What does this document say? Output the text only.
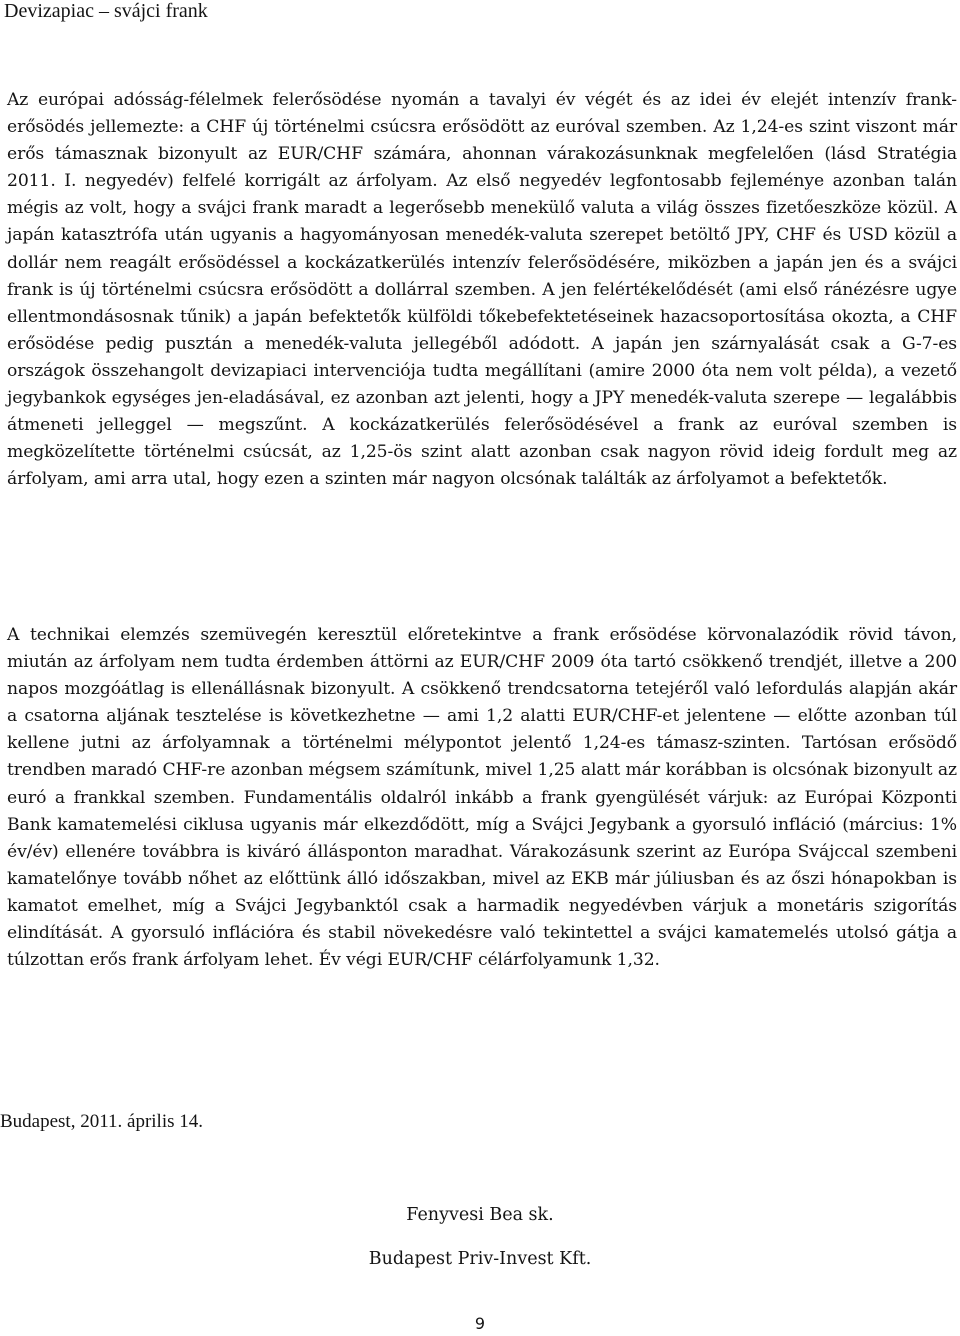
Devizapiac – svájci frank

Az európai adósság-félelmek felerősödése nyomán a tavalyi év végét és az idei év elejét intenzív frank-erősödés jellemezte: a CHF új történelmi csúcsra erősödött az euróval szemben. Az 1,24-es szint viszont már erős támasznak bizonyult az EUR/CHF számára, ahonnan várakozásunknak megfelelően (lásd Stratégia 2011. I. negyedév) felfelé korrigált az árfolyam. Az első negyedév legfontosabb fejleménye azonban talán mégis az volt, hogy a svájci frank maradt a legerősebb menekülő valuta a világ összes fizetőeszköze közül. A japán katasztrófa után ugyanis a hagyományosan menedék-valuta szerepet betöltő JPY, CHF és USD közül a dollár nem reagált erősödéssel a kockázatkerülés intenzív felerősödésére, miközben a japán jen és a svájci frank is új történelmi csúcsra erősödött a dollárral szemben. A jen felértékelődését (ami első ránézésre ugye ellentmondásosnak tűnik) a japán befektetők külföldi tőkebefektetéseinek hazacsoportosítása okozta, a CHF erősödése pedig pusztán a menedék-valuta jellegéből adódott. A japán jen szárnyalását csak a G-7-es országok összehangolt devizapiaci intervenciója tudta megállítani (amire 2000 óta nem volt példa), a vezető jegybankok egységes jen-eladásával, ez azonban azt jelenti, hogy a JPY menedék-valuta szerepe — legalábbis átmeneti jelleggel — megszűnt. A kockázatkerülés felerősödésével a frank az euróval szemben is megközelítette történelmi csúcsát, az 1,25-ös szint alatt azonban csak nagyon rövid ideig fordult meg az árfolyam, ami arra utal, hogy ezen a szinten már nagyon olcsónak találták az árfolyamot a befektetők.

A technikai elemzés szemüvegén keresztül előretekintve a frank erősödése körvonalazódik rövid távon, miután az árfolyam nem tudta érdemben áttörni az EUR/CHF 2009 óta tartó csökkenő trendjét, illetve a 200 napos mozgóátlag is ellenállásnak bizonyult. A csökkenő trendcsatorna tetejéről való lefordulás alapján akár a csatorna aljának tesztelése is következhetne — ami 1,2 alatti EUR/CHF-et jelentene — előtte azonban túl kellene jutni az árfolyamnak a történelmi mélypontot jelentő 1,24-es támasz-szinten. Tartósan erősödő trendben maradó CHF-re azonban mégsem számítunk, mivel 1,25 alatt már korábban is olcsónak bizonyult az euró a frankkal szemben. Fundamentális oldalról inkább a frank gyengülését várjuk: az Európai Központi Bank kamatemelési ciklusa ugyanis már elkezdődött, míg a Svájci Jegybank a gyorsuló infláció (március: 1% év/év) ellenére továbbra is kiváró állásponton maradhat. Várakozásunk szerint az Európa Svájccal szembeni kamatelőnye tovább nőhet az előttünk álló időszakban, mivel az EKB már júliusban és az őszi hónapokban is kamatot emelhet, míg a Svájci Jegybanktól csak a harmadik negyedévben várjuk a monetáris szigorítás elindítását. A gyorsuló inflációra és stabil növekedésre való tekintettel a svájci kamatemelés utolsó gátja a túlzottan erős frank árfolyam lehet. Év végi EUR/CHF célárfolyamunk 1,32.

Budapest, 2011. április 14.
Fenyvesi Bea sk.
Budapest Priv-Invest Kft.
9
